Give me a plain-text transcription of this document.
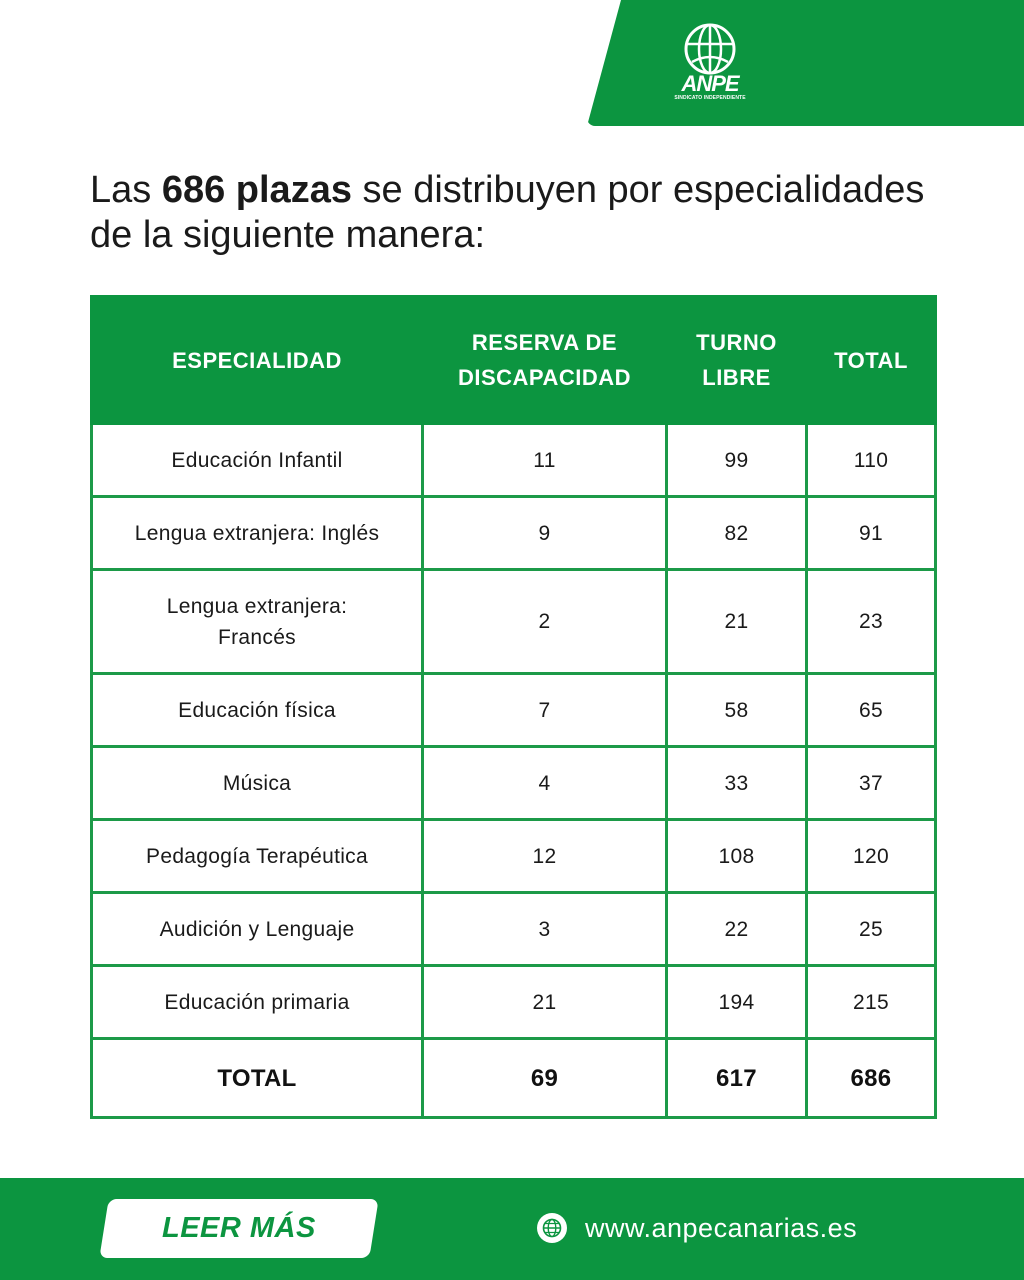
ANPE
SINDICATO INDEPENDIENTE
Las 686 plazas se distribuyen por especialidades de la siguiente manera:
ESPECIALIDAD	RESERVA DE DISCAPACIDAD	TURNO LIBRE	TOTAL
Educación Infantil	11	99	110
Lengua extranjera: Inglés	9	82	91
Lengua extranjera: Francés	2	21	23
Educación física	7	58	65
Música	4	33	37
Pedagogía Terapéutica	12	108	120
Audición y Lenguaje	3	22	25
Educación primaria	21	194	215
TOTAL	69	617	686
LEER MÁS	www.anpecanarias.es
